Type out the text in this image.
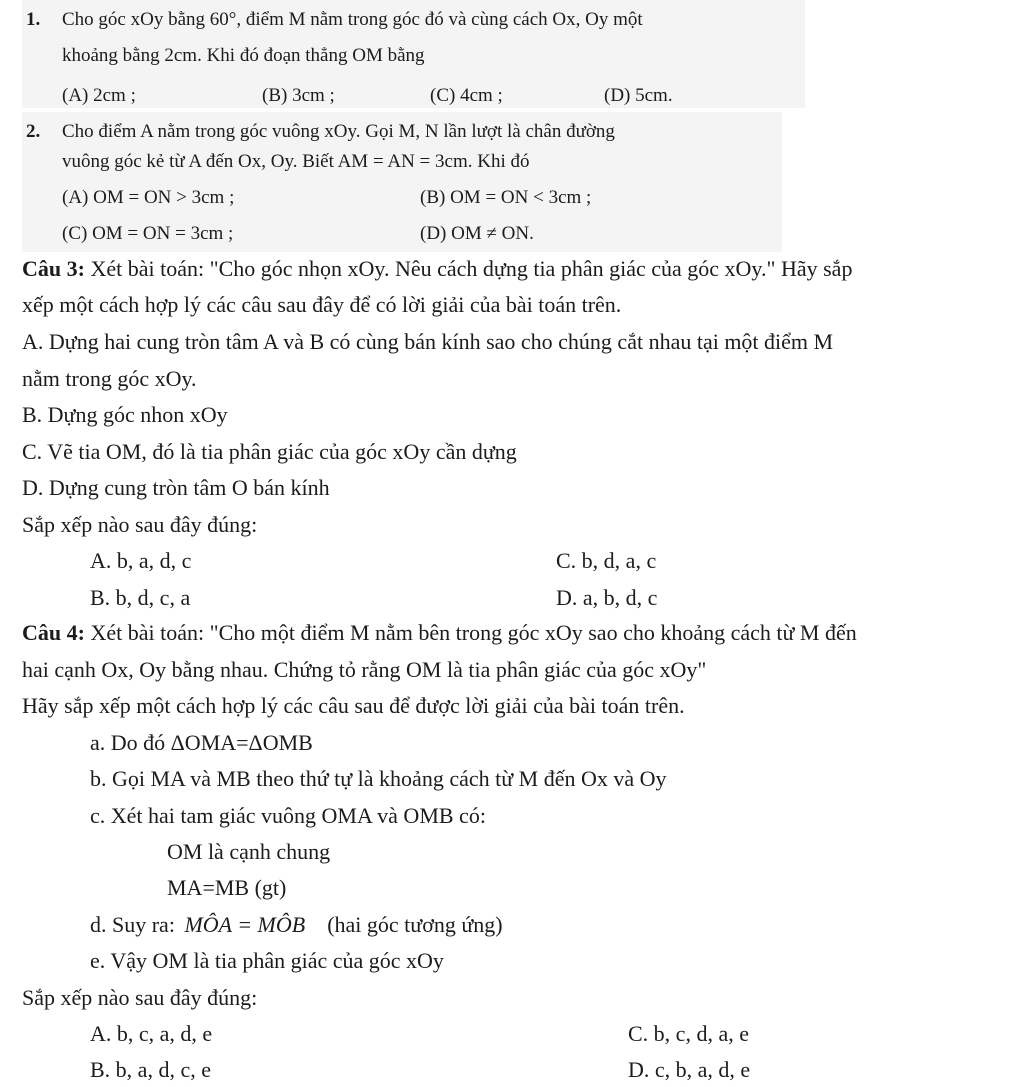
1. Cho góc xOy bằng 60°, điểm M nằm trong góc đó và cùng cách Ox, Oy một
khoảng bằng 2cm. Khi đó đoạn thẳng OM bằng
(A) 2cm ;	(B) 3cm ;	(C) 4cm ;	(D) 5cm.
2. Cho điểm A nằm trong góc vuông xOy. Gọi M, N lần lượt là chân đường
vuông góc kẻ từ A đến Ox, Oy. Biết AM = AN = 3cm. Khi đó
(A) OM = ON > 3cm ;	(B) OM = ON < 3cm ;
(C) OM = ON = 3cm ;	(D) OM ≠ ON.
Câu 3: Xét bài toán: "Cho góc nhọn xOy. Nêu cách dựng tia phân giác của góc xOy." Hãy sắp
xếp một cách hợp lý các câu sau đây để có lời giải của bài toán trên.
A. Dựng hai cung tròn tâm A và B có cùng bán kính sao cho chúng cắt nhau tại một điểm M
nằm trong góc xOy.
B. Dựng góc nhon xOy
C. Vẽ tia OM, đó là tia phân giác của góc xOy cần dựng
D. Dựng cung tròn tâm O bán kính
Sắp xếp nào sau đây đúng:
A. b, a, d, c	C. b, d, a, c
B. b, d, c, a	D. a, b, d, c
Câu 4: Xét bài toán: "Cho một điểm M nằm bên trong góc xOy sao cho khoảng cách từ M đến
hai cạnh Ox, Oy bằng nhau. Chứng tỏ rằng OM là tia phân giác của góc xOy"
Hãy sắp xếp một cách hợp lý các câu sau để được lời giải của bài toán trên.
a. Do đó ΔOMA=ΔOMB
b. Gọi MA và MB theo thứ tự là khoảng cách từ M đến Ox và Oy
c. Xét hai tam giác vuông OMA và OMB có:
OM là cạnh chung
MA=MB (gt)
d. Suy ra: MÔA = MÔB (hai góc tương ứng)
e. Vậy OM là tia phân giác của góc xOy
Sắp xếp nào sau đây đúng:
A. b, c, a, d, e	C. b, c, d, a, e
B. b, a, d, c, e	D. c, b, a, d, e
